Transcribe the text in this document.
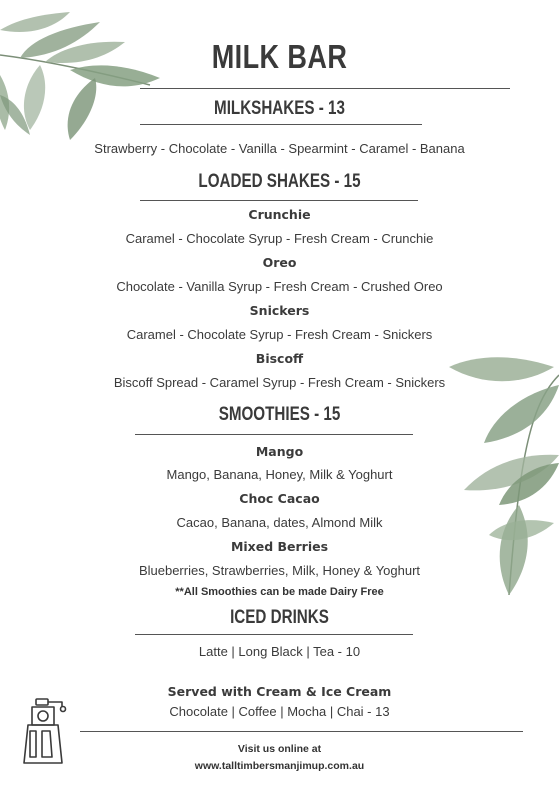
MILK BAR
MILKSHAKES - 13
Strawberry - Chocolate - Vanilla - Spearmint - Caramel - Banana
LOADED SHAKES - 15
Crunchie
Caramel - Chocolate Syrup - Fresh Cream - Crunchie
Oreo
Chocolate - Vanilla Syrup - Fresh Cream - Crushed Oreo
Snickers
Caramel - Chocolate Syrup - Fresh Cream - Snickers
Biscoff
Biscoff Spread - Caramel Syrup - Fresh Cream - Snickers
SMOOTHIES - 15
Mango
Mango, Banana, Honey, Milk & Yoghurt
Choc Cacao
Cacao, Banana, dates, Almond Milk
Mixed Berries
Blueberries, Strawberries, Milk, Honey & Yoghurt
**All Smoothies can be made Dairy Free
ICED DRINKS
Latte | Long Black | Tea - 10
Served with Cream & Ice Cream
Chocolate | Coffee | Mocha | Chai - 13
Visit us online at
www.talltimbersmanjimup.com.au
